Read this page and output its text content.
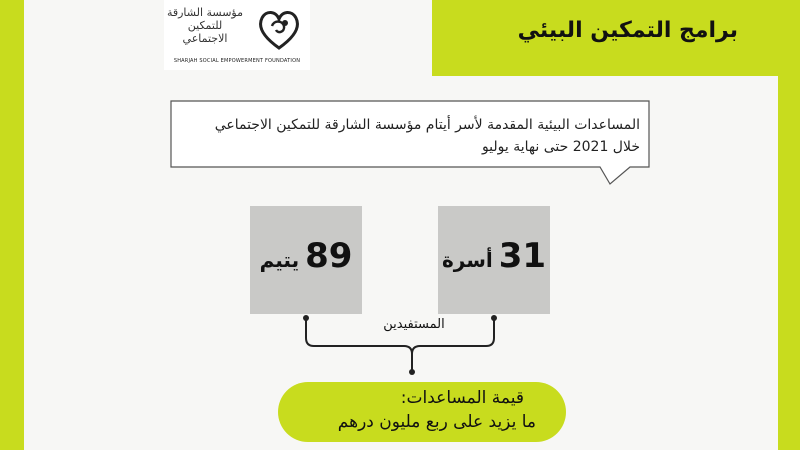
مؤسسة الشارقة للتمكين الاجتماعي
SHARJAH SOCIAL EMPOWERMENT FOUNDATION
برامج التمكين البيئي
المساعدات البيئية المقدمة لأسر أيتام مؤسسة الشارقة للتمكين الاجتماعي
خلال 2021 حتى نهاية يوليو
89
يتيم	31
أسرة
المستفيدين
قيمة المساعدات:
ما يزيد على ربع مليون درهم
